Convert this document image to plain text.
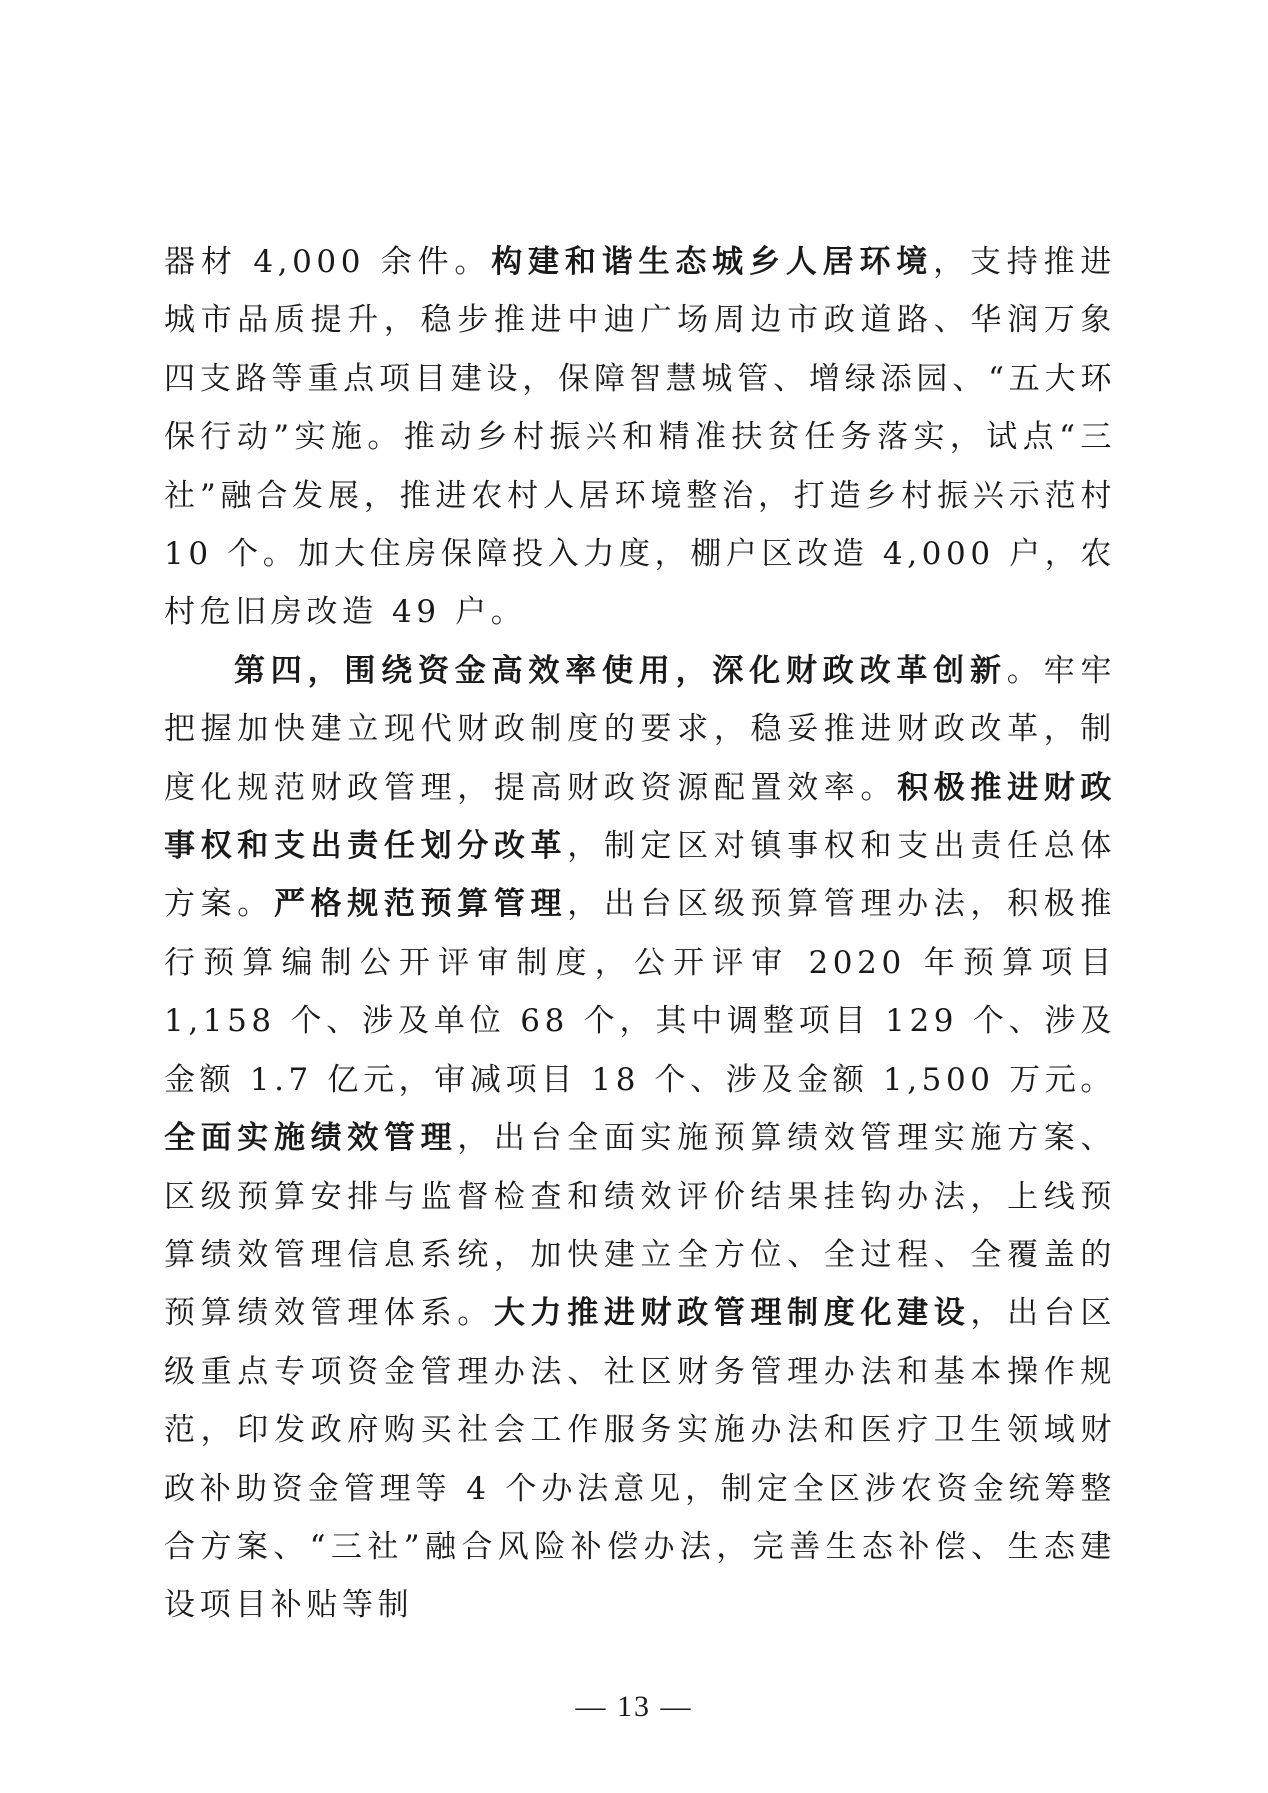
器材 4,000 余件。构建和谐生态城乡人居环境，支持推进城市品质提升，稳步推进中迪广场周边市政道路、华润万象四支路等重点项目建设，保障智慧城管、增绿添园、“五大环保行动”实施。推动乡村振兴和精准扶贫任务落实，试点“三社”融合发展，推进农村人居环境整治，打造乡村振兴示范村 10 个。加大住房保障投入力度，棚户区改造 4,000 户，农村危旧房改造 49 户。

第四，围绕资金高效率使用，深化财政改革创新。牢牢把握加快建立现代财政制度的要求，稳妥推进财政改革，制度化规范财政管理，提高财政资源配置效率。积极推进财政事权和支出责任划分改革，制定区对镇事权和支出责任总体方案。严格规范预算管理，出台区级预算管理办法，积极推行预算编制公开评审制度，公开评审 2020 年预算项目 1,158 个、涉及单位 68 个，其中调整项目 129 个、涉及金额 1.7 亿元，审减项目 18 个、涉及金额 1,500 万元。全面实施绩效管理，出台全面实施预算绩效管理实施方案、区级预算安排与监督检查和绩效评价结果挂钩办法，上线预算绩效管理信息系统，加快建立全方位、全过程、全覆盖的预算绩效管理体系。大力推进财政管理制度化建设，出台区级重点专项资金管理办法、社区财务管理办法和基本操作规范，印发政府购买社会工作服务实施办法和医疗卫生领域财政补助资金管理等 4 个办法意见，制定全区涉农资金统筹整合方案、“三社”融合风险补偿办法，完善生态补偿、生态建设项目补贴等制

— 13 —
